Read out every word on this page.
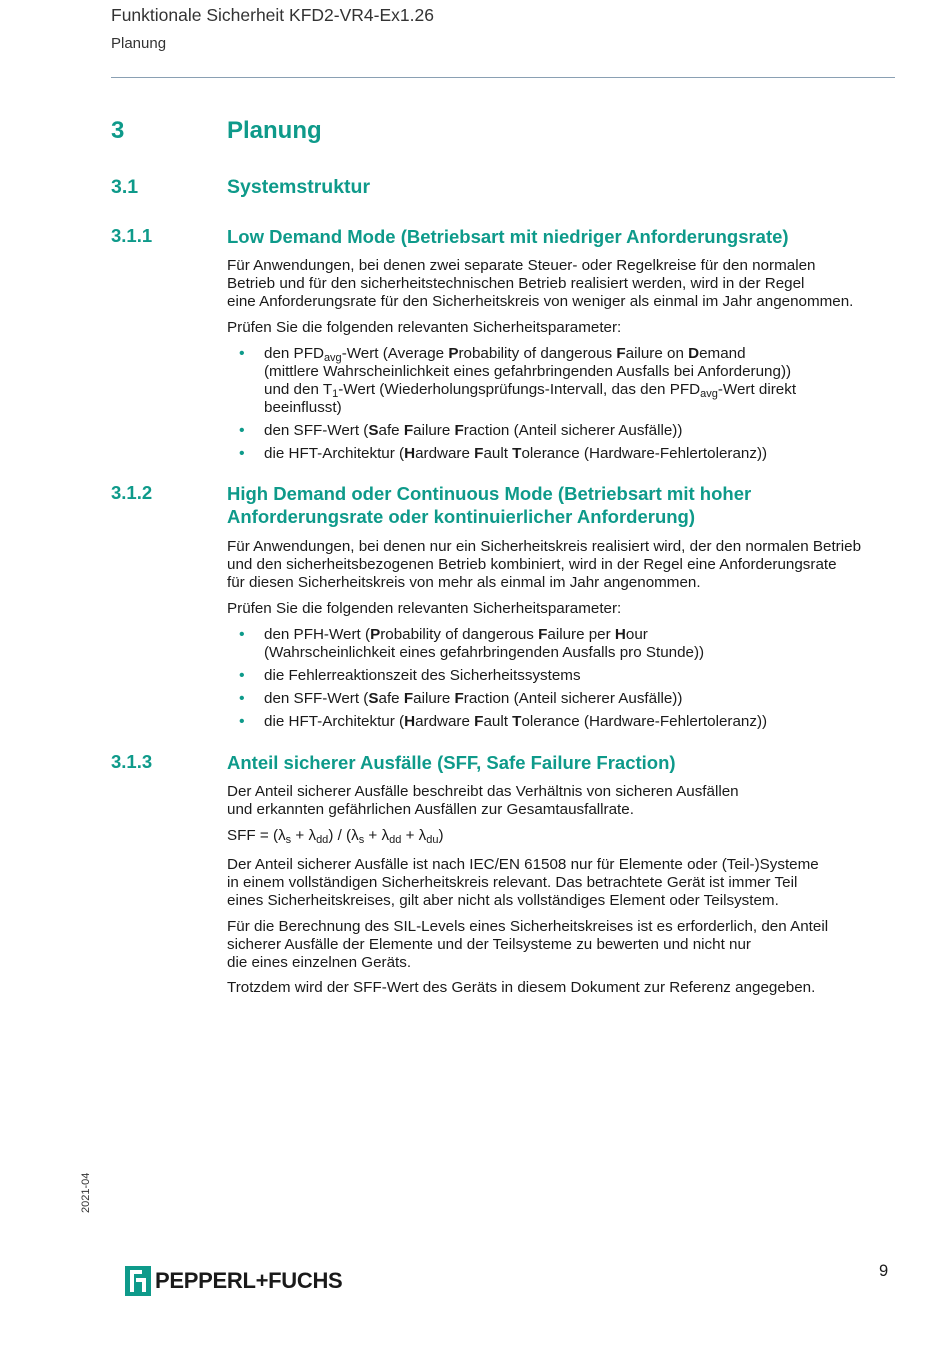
Funktionale Sicherheit KFD2-VR4-Ex1.26
Planung
3	Planung
3.1	Systemstruktur
3.1.1	Low Demand Mode (Betriebsart mit niedriger Anforderungsrate)
Für Anwendungen, bei denen zwei separate Steuer- oder Regelkreise für den normalen
Betrieb und für den sicherheitstechnischen Betrieb realisiert werden, wird in der Regel
eine Anforderungsrate für den Sicherheitskreis von weniger als einmal im Jahr angenommen.
Prüfen Sie die folgenden relevanten Sicherheitsparameter:
• den $PFD_{avg}$-Wert (Average Probability of dangerous Failure on Demand
(mittlere Wahrscheinlichkeit eines gefahrbringenden Ausfalls bei Anforderung))
und den $T_1$-Wert (Wiederholungsprüfungs-Intervall, das den $PFD_{avg}$-Wert direkt
beeinflusst)
• den SFF-Wert (Safe Failure Fraction (Anteil sicherer Ausfälle))
• die HFT-Architektur (Hardware Fault Tolerance (Hardware-Fehlertoleranz))
3.1.2	High Demand oder Continuous Mode (Betriebsart mit hoher
Anforderungsrate oder kontinuierlicher Anforderung)
Für Anwendungen, bei denen nur ein Sicherheitskreis realisiert wird, der den normalen Betrieb
und den sicherheitsbezogenen Betrieb kombiniert, wird in der Regel eine Anforderungsrate
für diesen Sicherheitskreis von mehr als einmal im Jahr angenommen.
Prüfen Sie die folgenden relevanten Sicherheitsparameter:
• den PFH-Wert (Probability of dangerous Failure per Hour
(Wahrscheinlichkeit eines gefahrbringenden Ausfalls pro Stunde))
• die Fehlerreaktionszeit des Sicherheitssystems
• den SFF-Wert (Safe Failure Fraction (Anteil sicherer Ausfälle))
• die HFT-Architektur (Hardware Fault Tolerance (Hardware-Fehlertoleranz))
3.1.3	Anteil sicherer Ausfälle (SFF, Safe Failure Fraction)
Der Anteil sicherer Ausfälle beschreibt das Verhältnis von sicheren Ausfällen
und erkannten gefährlichen Ausfällen zur Gesamtausfallrate.
SFF = $(\lambda_s + \lambda_{dd}) / (\lambda_s + \lambda_{dd} + \lambda_{du})$
Der Anteil sicherer Ausfälle ist nach IEC/EN 61508 nur für Elemente oder (Teil-)Systeme
in einem vollständigen Sicherheitskreis relevant. Das betrachtete Gerät ist immer Teil
eines Sicherheitskreises, gilt aber nicht als vollständiges Element oder Teilsystem.
Für die Berechnung des SIL-Levels eines Sicherheitskreises ist es erforderlich, den Anteil
sicherer Ausfälle der Elemente und der Teilsysteme zu bewerten und nicht nur
die eines einzelnen Geräts.
Trotzdem wird der SFF-Wert des Geräts in diesem Dokument zur Referenz angegeben.
2021-04
PEPPERL+FUCHS	9
